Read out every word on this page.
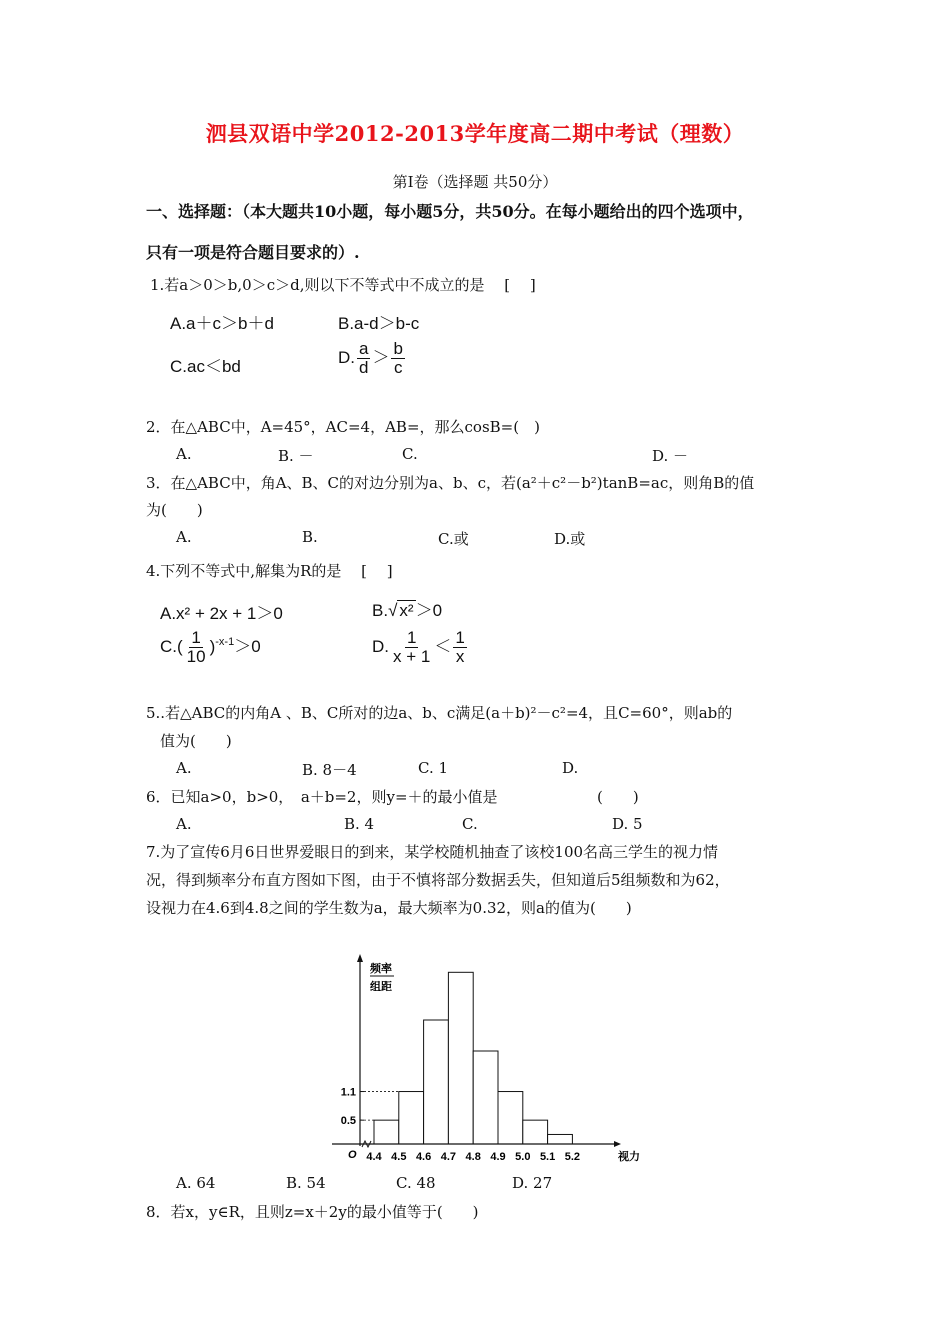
泗县双语中学2012-2013学年度高二期中考试（理数）
第Ⅰ卷（选择题 共50分）
一、选择题：（本大题共10小题，每小题5分，共50分。在每小题给出的四个选项中，
只有一项是符合题目要求的）.
1.若a＞0＞b,0＞c＞d,则以下不等式中不成立的是　 [　 ]
A.a＋c＞b＋d	B.a-d＞b-c
C.ac＜bd	D. $\frac{a}{d} > \frac{b}{c}$
2．在△ABC中，A=45°，AC=4，AB=，那么cosB=(　)
A.	B. －	C.	D. －
3．在△ABC中，角A、B、C的对边分别为a、b、c，若(a²＋c²－b²)tanB=ac，则角B的值
为(　　)
A.	B.	C.或	D.或
4.下列不等式中,解集为R的是　 [　 ]
A.x² + 2x + 1＞0	B.√ x² ＞0
$C.( \frac{1}{10} )^{-x-1}>0$	D. $\frac{1}{x + 1} < \frac{1}{x}$
5..若△ABC的内角A 、B、C所对的边a、b、c满足(a＋b)²－c²=4，且C=60°，则ab的
值为(　　)
A.	B. 8－4	C. 1	D.
6．已知a>0，b>0，　a＋b=2，则y=＋的最小值是	(　　)
A.	B. 4	C.	D. 5
7.为了宣传6月6日世界爱眼日的到来，某学校随机抽查了该校100名高三学生的视力情
况，得到频率分布直方图如下图，由于不慎将部分数据丢失，但知道后5组频数和为62，
设视力在4.6到4.8之间的学生数为a，最大频率为0.32，则a的值为(　　)
4.4 4.5 4.6 4.7 4.8 4.9 5.0 5.1 5.2
0.5
1.1
O	视力
频率
组距
A. 64	B. 54	C. 48	D. 27
8．若x，y∈R，且则z=x＋2y的最小值等于(　　)
